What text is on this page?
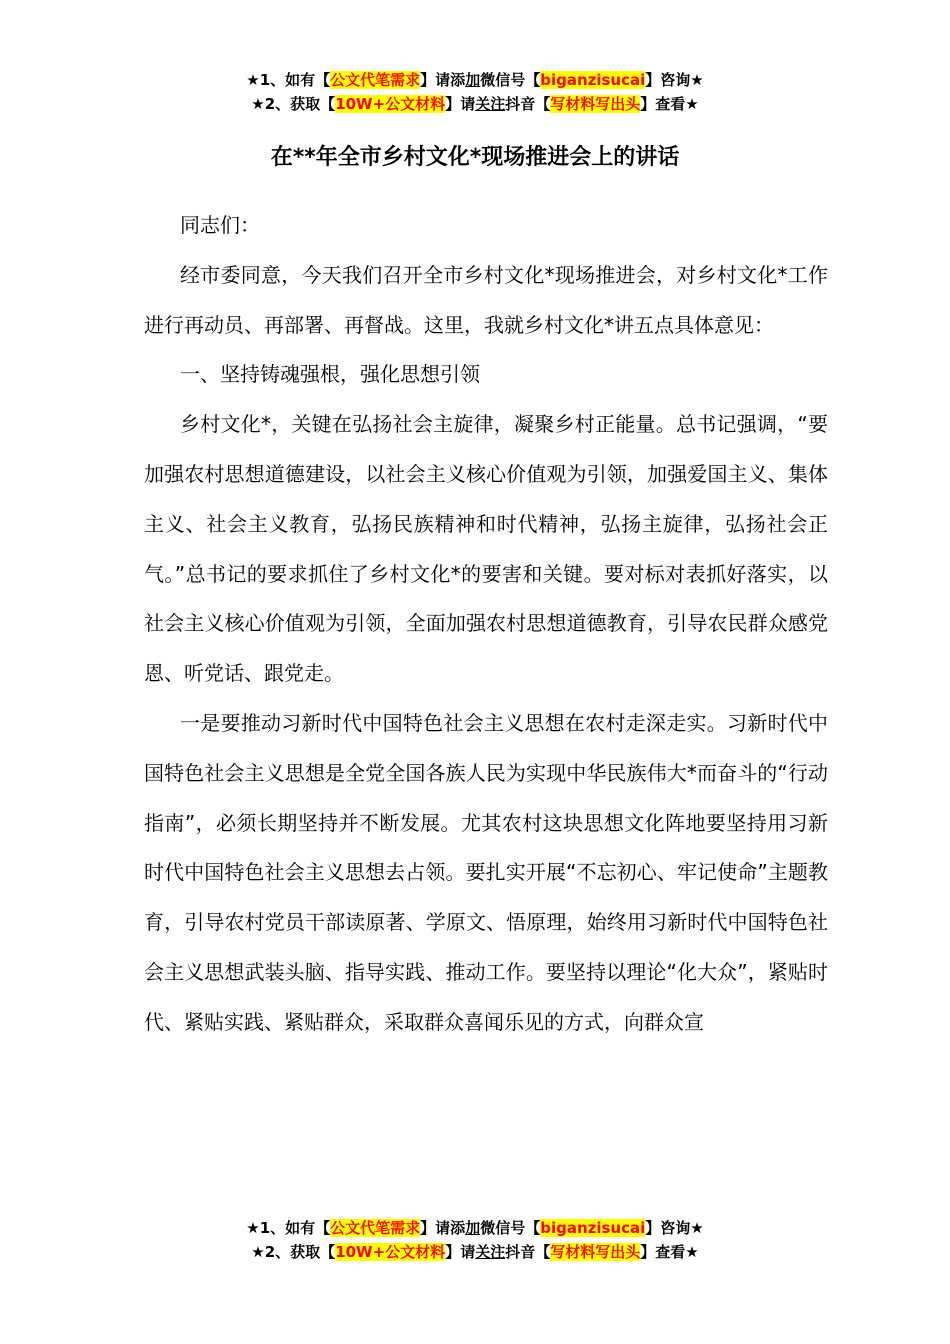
★1、如有【公文代笔需求】请添加微信号【biganzisucai】咨询★
★2、获取【10W+公文材料】请关注抖音【写材料写出头】查看★
在**年全市乡村文化*现场推进会上的讲话

同志们：

经市委同意，今天我们召开全市乡村文化*现场推进会，对乡村文化*工作进行再动员、再部署、再督战。这里，我就乡村文化*讲五点具体意见：

一、坚持铸魂强根，强化思想引领

乡村文化*，关键在弘扬社会主旋律，凝聚乡村正能量。总书记强调，“要加强农村思想道德建设，以社会主义核心价值观为引领，加强爱国主义、集体主义、社会主义教育，弘扬民族精神和时代精神，弘扬主旋律，弘扬社会正气。”总书记的要求抓住了乡村文化*的要害和关键。要对标对表抓好落实，以社会主义核心价值观为引领，全面加强农村思想道德教育，引导农民群众感党恩、听党话、跟党走。

一是要推动习新时代中国特色社会主义思想在农村走深走实。习新时代中国特色社会主义思想是全党全国各族人民为实现中华民族伟大*而奋斗的“行动指南”，必须长期坚持并不断发展。尤其农村这块思想文化阵地要坚持用习新时代中国特色社会主义思想去占领。要扎实开展“不忘初心、牢记使命”主题教育，引导农村党员干部读原著、学原文、悟原理，始终用习新时代中国特色社会主义思想武装头脑、指导实践、推动工作。要坚持以理论“化大众”，紧贴时代、紧贴实践、紧贴群众，采取群众喜闻乐见的方式，向群众宣

★1、如有【公文代笔需求】请添加微信号【biganzisucai】咨询★
★2、获取【10W+公文材料】请关注抖音【写材料写出头】查看★
